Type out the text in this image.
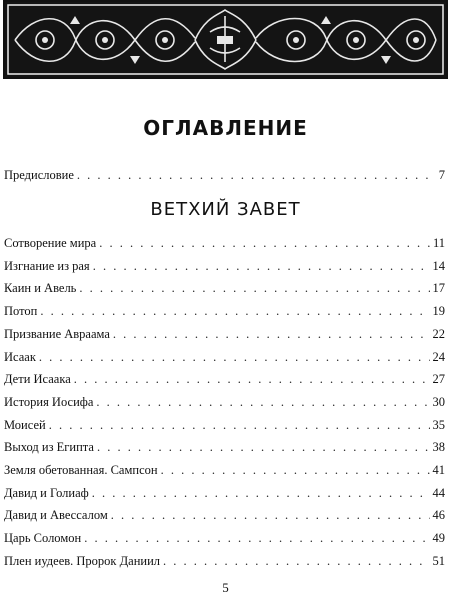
ОГЛАВЛЕНИЕ
Предисловие . . .	7
ВЕТХИЙ ЗАВЕТ
Сотворение мира . . .	11
Изгнание из рая . . .	14
Каин и Авель . . .	17
Потоп . . .	19
Призвание Авраама . . .	22
Исаак . . .	24
Дети Исаака . . .	27
История Иосифа . . .	30
Моисей . . .	35
Выход из Египта . . .	38
Земля обетованная. Сампсон . . .	41
Давид и Голиаф . . .	44
Давид и Авессалом . . .	46
Царь Соломон . . .	49
Плен иудеев. Пророк Даниил . . .	51
5
